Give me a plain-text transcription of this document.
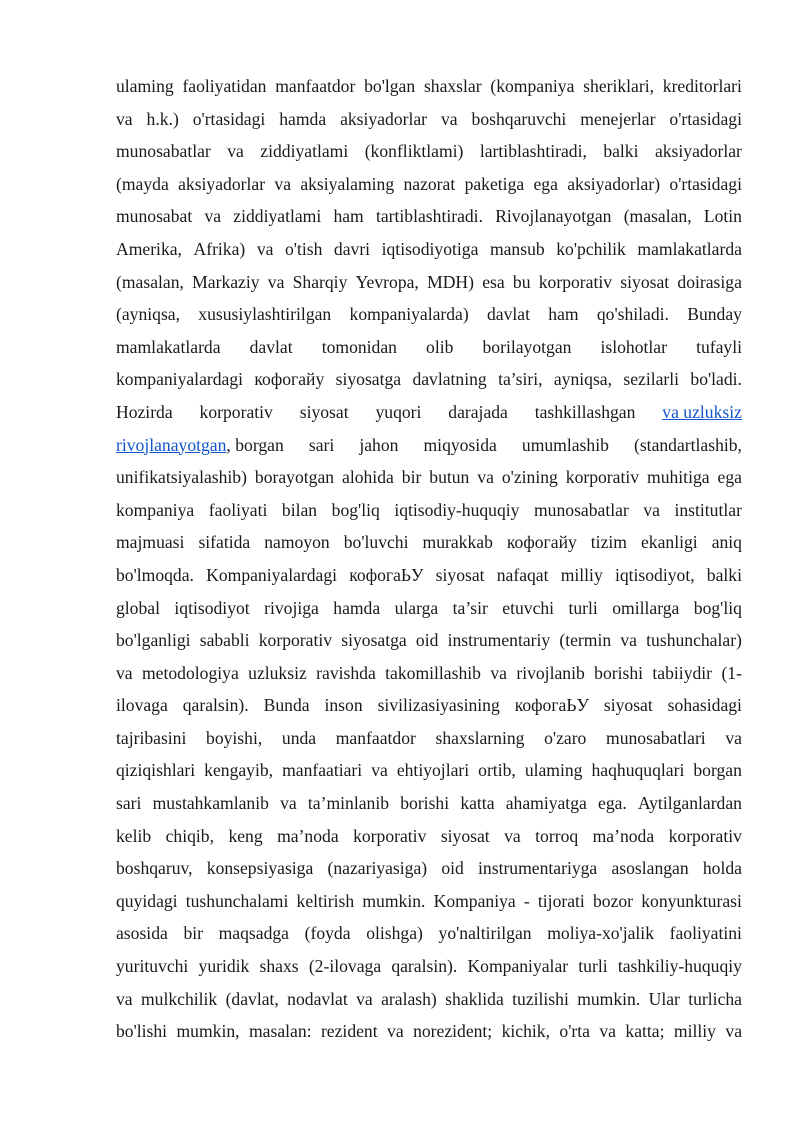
ulaming faoliyatidan manfaatdor bo'lgan shaxslar (kompaniya sheriklari, kreditorlari
va h.k.) o'rtasidagi hamda aksiyadorlar va boshqaruvchi menejerlar o'rtasidagi
munosabatlar va ziddiyatlami (konfliktlami) lartiblashtiradi, balki aksiyadorlar
(mayda aksiyadorlar va aksiyalaming nazorat paketiga ega aksiyadorlar) o'rtasidagi
munosabat va ziddiyatlami ham tartiblashtiradi. Rivojlanayotgan (masalan, Lotin
Amerika, Afrika) va o'tish davri iqtisodiyotiga mansub ko'pchilik mamlakatlarda
(masalan, Markaziy va Sharqiy Yevropa, MDH) esa bu korporativ siyosat doirasiga
(ayniqsa, xususiylashtirilgan kompaniyalarda) davlat ham qo'shiladi. Bunday
mamlakatlarda davlat tomonidan olib borilayotgan islohotlar tufayli
kompaniyalardagi кофогайу siyosatga davlatning ta’siri, ayniqsa, sezilarli bo'ladi.
Hozirda korporativ siyosat yuqori darajada tashkillashgan va uzluksiz
rivojlanayotgan, borgan sari jahon miqyosida umumlashib (standartlashib,
unifikatsiyalashib) borayotgan alohida bir butun va o'zining korporativ muhitiga ega
kompaniya faoliyati bilan bog'liq iqtisodiy-huquqiy munosabatlar va institutlar
majmuasi sifatida namoyon bo'luvchi murakkab кофогайу tizim ekanligi aniq
bo'lmoqda. Kompaniyalardagi кофогаЬУ siyosat nafaqat milliy iqtisodiyot, balki
global iqtisodiyot rivojiga hamda ularga ta’sir etuvchi turli omillarga bog'liq
bo'lganligi sababli korporativ siyosatga oid instrumentariy (termin va tushunchalar)
va metodologiya uzluksiz ravishda takomillashib va rivojlanib borishi tabiiydir (1-
ilovaga qaralsin). Bunda inson sivilizasiyasining кофогаЬУ siyosat sohasidagi
tajribasini boyishi, unda manfaatdor shaxslarning o'zaro munosabatlari va
qiziqishlari kengayib, manfaatiari va ehtiyojlari ortib, ulaming haqhuquqlari borgan
sari mustahkamlanib va ta’minlanib borishi katta ahamiyatga ega. Aytilganlardan
kelib chiqib, keng ma’noda korporativ siyosat va torroq ma’noda korporativ
boshqaruv, konsepsiyasiga (nazariyasiga) oid instrumentariyga asoslangan holda
quyidagi tushunchalami keltirish mumkin. Kompaniya - tijorati bozor konyunkturasi
asosida bir maqsadga (foyda olishga) yo'naltirilgan moliya-xo'jalik faoliyatini
yurituvchi yuridik shaxs (2-ilovaga qaralsin). Kompaniyalar turli tashkiliy-huquqiy
va mulkchilik (davlat, nodavlat va aralash) shaklida tuzilishi mumkin. Ular turlicha
bo'lishi mumkin, masalan: rezident va norezident; kichik, o'rta va katta; milliy va
